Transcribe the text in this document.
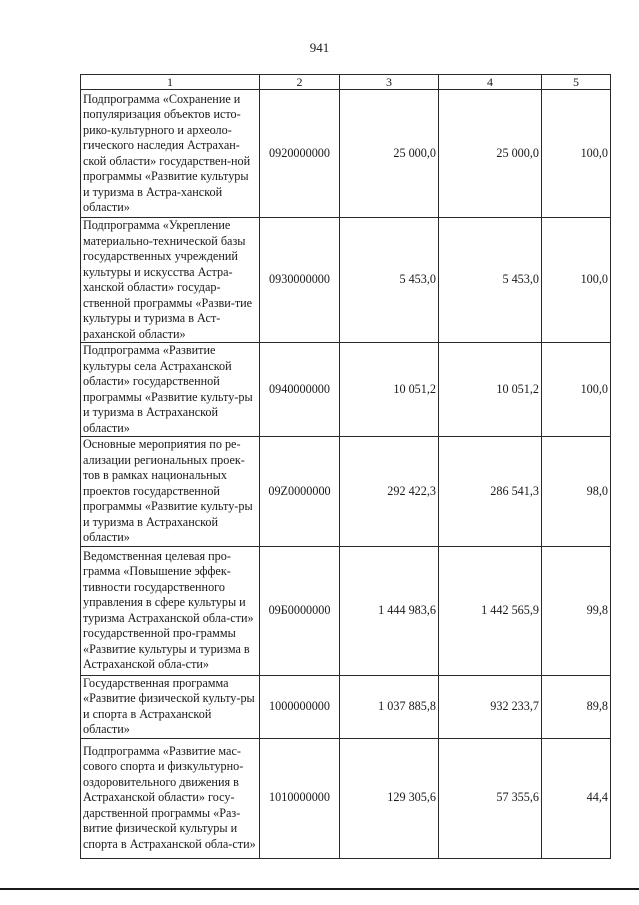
941
1	2	3	4	5
Подпрограмма «Сохранение и популяризация объектов исто-рико-культурного и археоло-гического наследия Астрахан-ской области» государствен-ной программы «Развитие культуры и туризма в Астра-ханской области»	0920000000	25 000,0	25 000,0	100,0
Подпрограмма «Укрепление материально-технической базы государственных учреждений культуры и искусства Астра-ханской области» государ-ственной программы «Разви-тие культуры и туризма в Аст-раханской области»	0930000000	5 453,0	5 453,0	100,0
Подпрограмма «Развитие культуры села Астраханской области» государственной программы «Развитие культу-ры и туризма в Астраханской области»	0940000000	10 051,2	10 051,2	100,0
Основные мероприятия по ре-ализации региональных проек-тов в рамках национальных проектов государственной программы «Развитие культу-ры и туризма в Астраханской области»	09Z0000000	292 422,3	286 541,3	98,0
Ведомственная целевая про-грамма «Повышение эффек-тивности государственного управления в сфере культуры и туризма Астраханской обла-сти» государственной про-граммы «Развитие культуры и туризма в Астраханской обла-сти»	09Б0000000	1 444 983,6	1 442 565,9	99,8
Государственная программа «Развитие физической культу-ры и спорта в Астраханской области»	1000000000	1 037 885,8	932 233,7	89,8
Подпрограмма «Развитие мас-сового спорта и физкультурно-оздоровительного движения в Астраханской области» госу-дарственной программы «Раз-витие физической культуры и спорта в Астраханской обла-сти»	1010000000	129 305,6	57 355,6	44,4
